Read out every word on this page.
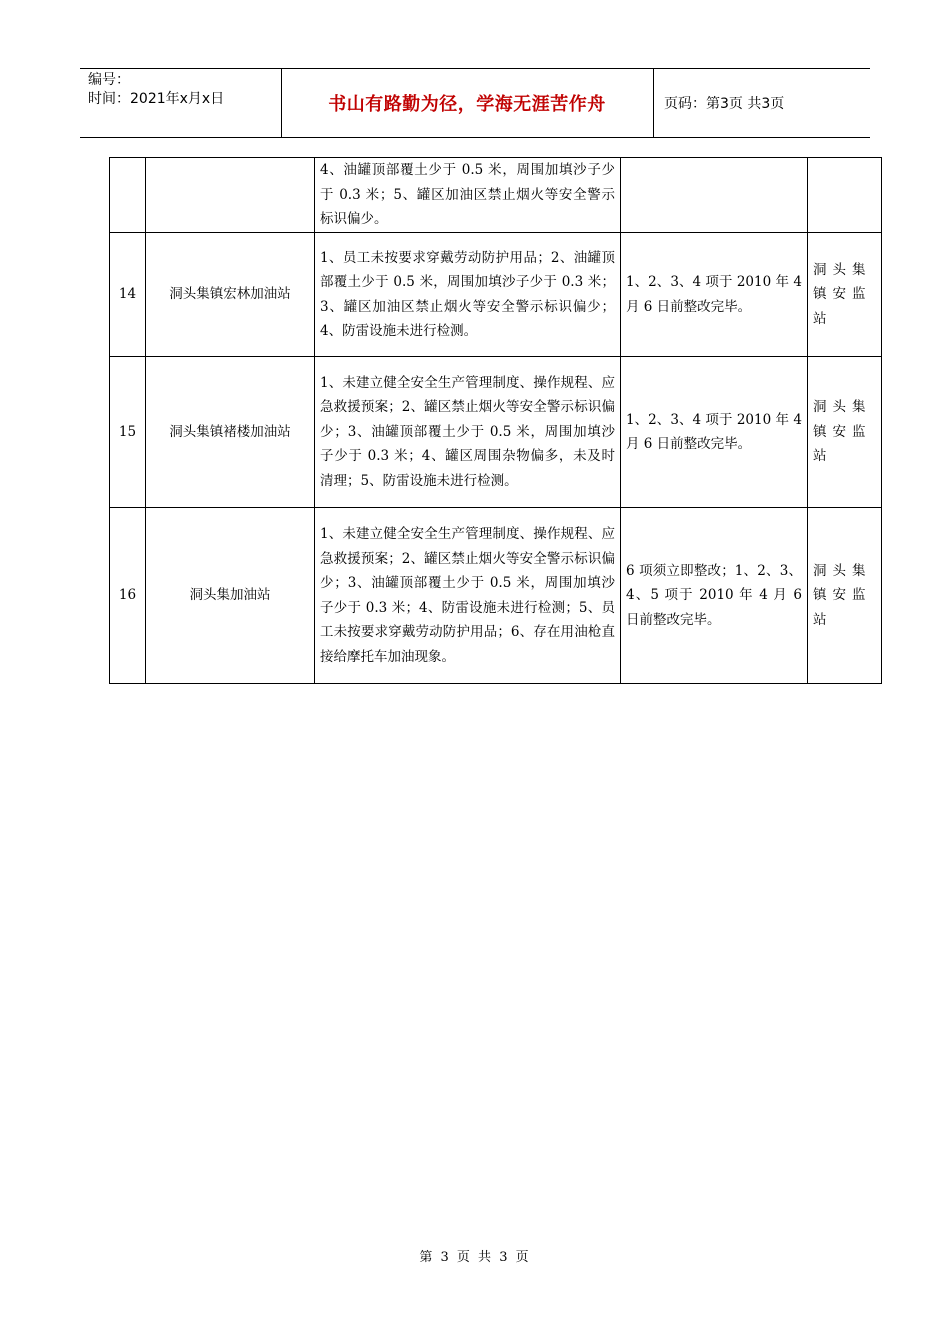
编号：
时间：2021年x月x日	书山有路勤为径，学海无涯苦作舟	页码：第3页 共3页
		4、油罐顶部覆土少于 0.5 米，周围加填沙子少于 0.3 米；5、罐区加油区禁止烟火等安全警示标识偏少。		
14	洞头集镇宏林加油站	1、员工未按要求穿戴劳动防护用品；2、油罐顶部覆土少于 0.5 米，周围加填沙子少于 0.3 米；3、罐区加油区禁止烟火等安全警示标识偏少；4、防雷设施未进行检测。	1、2、3、4 项于 2010 年 4 月 6 日前整改完毕。	洞头集镇安监站
15	洞头集镇褚楼加油站	1、未建立健全安全生产管理制度、操作规程、应急救援预案；2、罐区禁止烟火等安全警示标识偏少；3、油罐顶部覆土少于 0.5 米，周围加填沙子少于 0.3 米；4、罐区周围杂物偏多，未及时清理；5、防雷设施未进行检测。	1、2、3、4 项于 2010 年 4 月 6 日前整改完毕。	洞头集镇安监站
16	洞头集加油站	1、未建立健全安全生产管理制度、操作规程、应急救援预案；2、罐区禁止烟火等安全警示标识偏少；3、油罐顶部覆土少于 0.5 米，周围加填沙子少于 0.3 米；4、防雷设施未进行检测；5、员工未按要求穿戴劳动防护用品；6、存在用油枪直接给摩托车加油现象。	6 项须立即整改；1、2、3、4、5 项于 2010 年 4 月 6 日前整改完毕。	洞头集镇安监站
第 3 页 共 3 页
